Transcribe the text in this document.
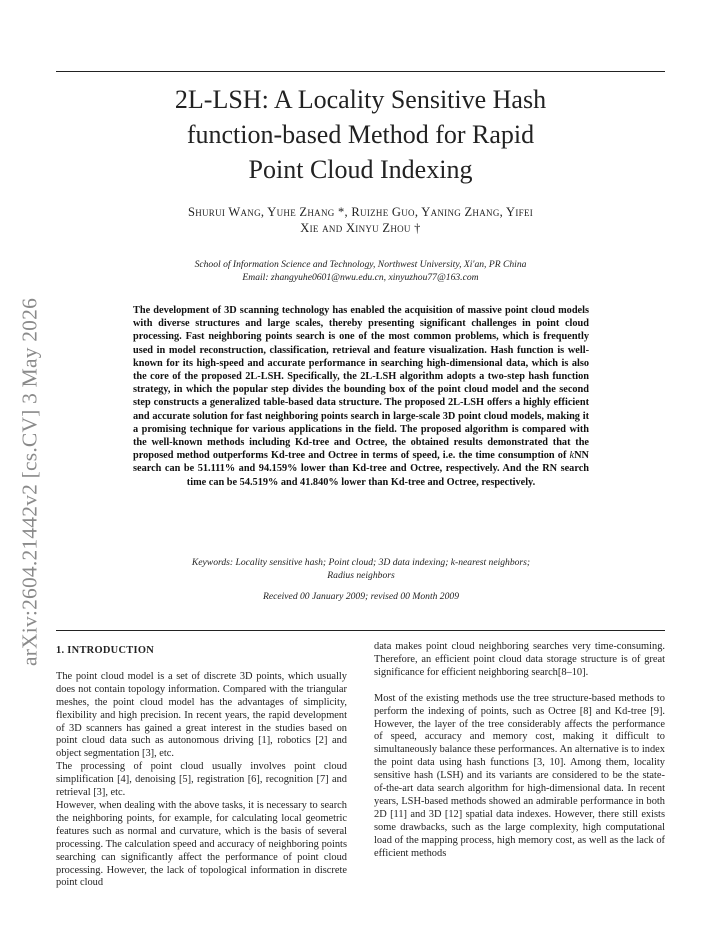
arXiv:2604.21442v2 [cs.CV] 3 May 2026
2L-LSH: A Locality Sensitive Hash
function-based Method for Rapid
Point Cloud Indexing
Shurui Wang, Yuhe Zhang *, Ruizhe Guo, Yaning Zhang, Yifei
Xie and Xinyu Zhou †
School of Information Science and Technology, Northwest University, Xi'an, PR China
Email: zhangyuhe0601@nwu.edu.cn, xinyuzhou77@163.com
The development of 3D scanning technology has enabled the acquisition of massive point cloud models with diverse structures and large scales, thereby presenting significant challenges in point cloud processing. Fast neighboring points search is one of the most common problems, which is frequently used in model reconstruction, classification, retrieval and feature visualization. Hash function is well-known for its high-speed and accurate performance in searching high-dimensional data, which is also the core of the proposed 2L-LSH. Specifically, the 2L-LSH algorithm adopts a two-step hash function strategy, in which the popular step divides the bounding box of the point cloud model and the second step constructs a generalized table-based data structure. The proposed 2L-LSH offers a highly efficient and accurate solution for fast neighboring points search in large-scale 3D point cloud models, making it a promising technique for various applications in the field. The proposed algorithm is compared with the well-known methods including Kd-tree and Octree, the obtained results demonstrated that the proposed method outperforms Kd-tree and Octree in terms of speed, i.e. the time consumption of kNN search can be 51.111% and 94.159% lower than Kd-tree and Octree, respectively. And the RN search time can be 54.519% and 41.840% lower than Kd-tree and Octree, respectively.
Keywords: Locality sensitive hash; Point cloud; 3D data indexing; k-nearest neighbors;
Radius neighbors
Received 00 January 2009; revised 00 Month 2009
1. INTRODUCTION

The point cloud model is a set of discrete 3D points, which usually does not contain topology information. Compared with the triangular meshes, the point cloud model has the advantages of simplicity, flexibility and high precision. In recent years, the rapid development of 3D scanners has gained a great interest in the studies based on point cloud data such as autonomous driving [1], robotics [2] and object segmentation [3], etc.

The processing of point cloud usually involves point cloud simplification [4], denoising [5], registration [6], recognition [7] and retrieval [3], etc.

However, when dealing with the above tasks, it is necessary to search the neighboring points, for example, for calculating local geometric features such as normal and curvature, which is the basis of several processing. The calculation speed and accuracy of neighboring points searching can significantly affect the performance of point cloud processing. However, the lack of topological information in discrete point cloud

data makes point cloud neighboring searches very time-consuming. Therefore, an efficient point cloud data storage structure is of great significance for efficient neighboring search[8–10].

Most of the existing methods use the tree structure-based methods to perform the indexing of points, such as Octree [8] and Kd-tree [9]. However, the layer of the tree considerably affects the performance of speed, accuracy and memory cost, making it difficult to simultaneously balance these performances. An alternative is to index the point data using hash functions [3, 10]. Among them, locality sensitive hash (LSH) and its variants are considered to be the state-of-the-art data search algorithm for high-dimensional data. In recent years, LSH-based methods showed an admirable performance in both 2D [11] and 3D [12] spatial data indexes. However, there still exists some drawbacks, such as the large complexity, high computational load of the mapping process, high memory cost, as well as the lack of efficient methods
